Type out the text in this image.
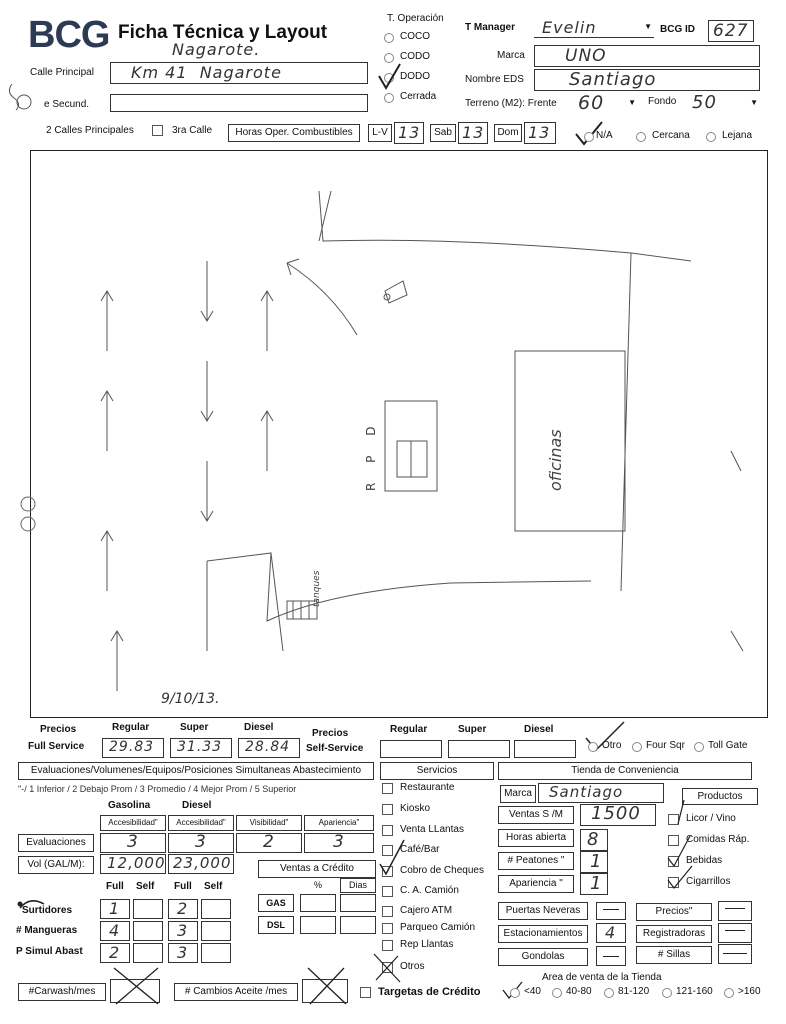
BCG Ficha Técnica y Layout
Nagarote.
T. Operación
COCO
CODO
DODO
Cerrada
T Manager Evelin	▼ BCG ID 627
Marca UNO
Nombre EDS	Santiago
Terreno (M2): Frente 60	▼ Fondo 50	▼
Calle Principal Km 41  Nagarote
e Secund.
2 Calles Principales	3ra Calle	Horas Oper. Combustibles	L-V 13	Sab 13	Dom 13	N/A	Cercana	Lejana
R P D	oficinas
tanques
9/10/13.
Precios
Full Service
Regular	Super	Diesel
29.83 31.33 28.84
Precios
Self-Service
Regular	Super	Diesel
Otro Four Sqr Toll Gate
Evaluaciones/Volumenes/Equipos/Posiciones Simultaneas Abastecimiento	Servicios	Tienda de Conveniencia
"-/ 1 Inferior / 2 Debajo Prom / 3 Promedio / 4 Mejor Prom / 5 Superior
Gasolina	Diesel
Accesibilidad"	Accesibilidad"	Visibilidad"	Apariencia"
Evaluaciones	3	3	2	3
Vol (GAL/M):	12,000 23,000	Ventas a Crédito
%	Dias
Full Self Full Self
GAS
DSL
Surtidores 1	2
# Mangueras 4	3
P Simul Abast 2	3
#Carwash/mes	# Cambios Aceite /mes
Restaurante
Kiosko
Venta LLantas
Café/Bar
Cobro de Cheques
C. A. Camión
Cajero ATM
Parqueo Camión
Rep Llantas
Otros
Targetas de Crédito
Marca Santiago	Productos
Ventas S /M	1500
Horas abierta	8
# Peatones "	1
Apariencia "	1
Licor / Vino
Comidas Ráp.
Bebidas
Cigarrillos
Puertas Neveras	Precios"
Estacionamientos	4	Registradoras
Gondolas	# Sillas
Area de venta de la Tienda
<40	40-80	81-120	121-160	>160
